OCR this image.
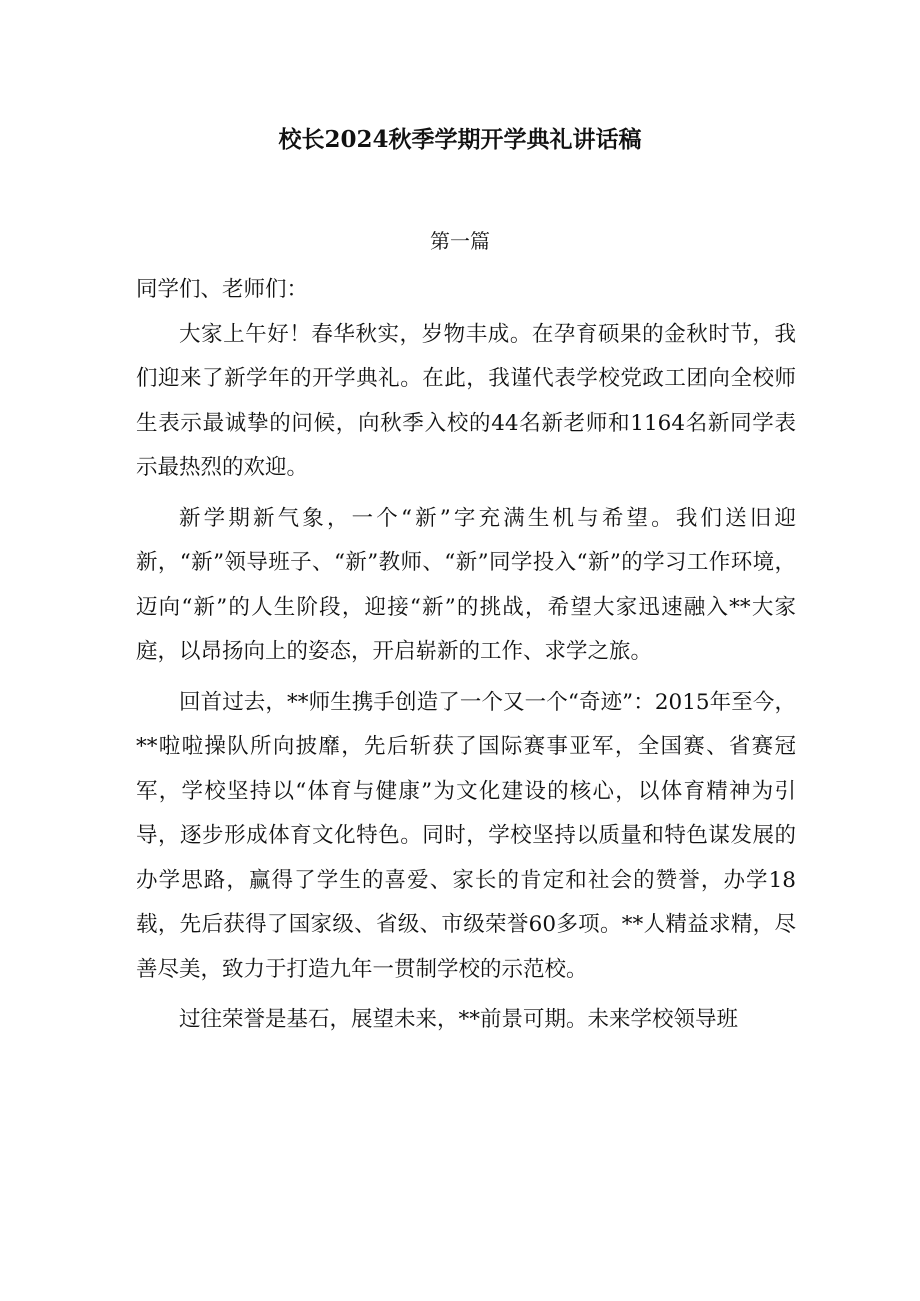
校长2024秋季学期开学典礼讲话稿
第一篇

同学们、老师们：

大家上午好！春华秋实，岁物丰成。在孕育硕果的金秋时节，我们迎来了新学年的开学典礼。在此，我谨代表学校党政工团向全校师生表示最诚挚的问候，向秋季入校的44名新老师和1164名新同学表示最热烈的欢迎。

新学期新气象，一个“新”字充满生机与希望。我们送旧迎新，“新”领导班子、“新”教师、“新”同学投入“新”的学习工作环境，迈向“新”的人生阶段，迎接“新”的挑战，希望大家迅速融入**大家庭，以昂扬向上的姿态，开启崭新的工作、求学之旅。

回首过去，**师生携手创造了一个又一个“奇迹”：2015年至今，**啦啦操队所向披靡，先后斩获了国际赛事亚军，全国赛、省赛冠军，学校坚持以“体育与健康”为文化建设的核心，以体育精神为引导，逐步形成体育文化特色。同时，学校坚持以质量和特色谋发展的办学思路，赢得了学生的喜爱、家长的肯定和社会的赞誉，办学18载，先后获得了国家级、省级、市级荣誉60多项。**人精益求精，尽善尽美，致力于打造九年一贯制学校的示范校。

过往荣誉是基石，展望未来，**前景可期。未来学校领导班
